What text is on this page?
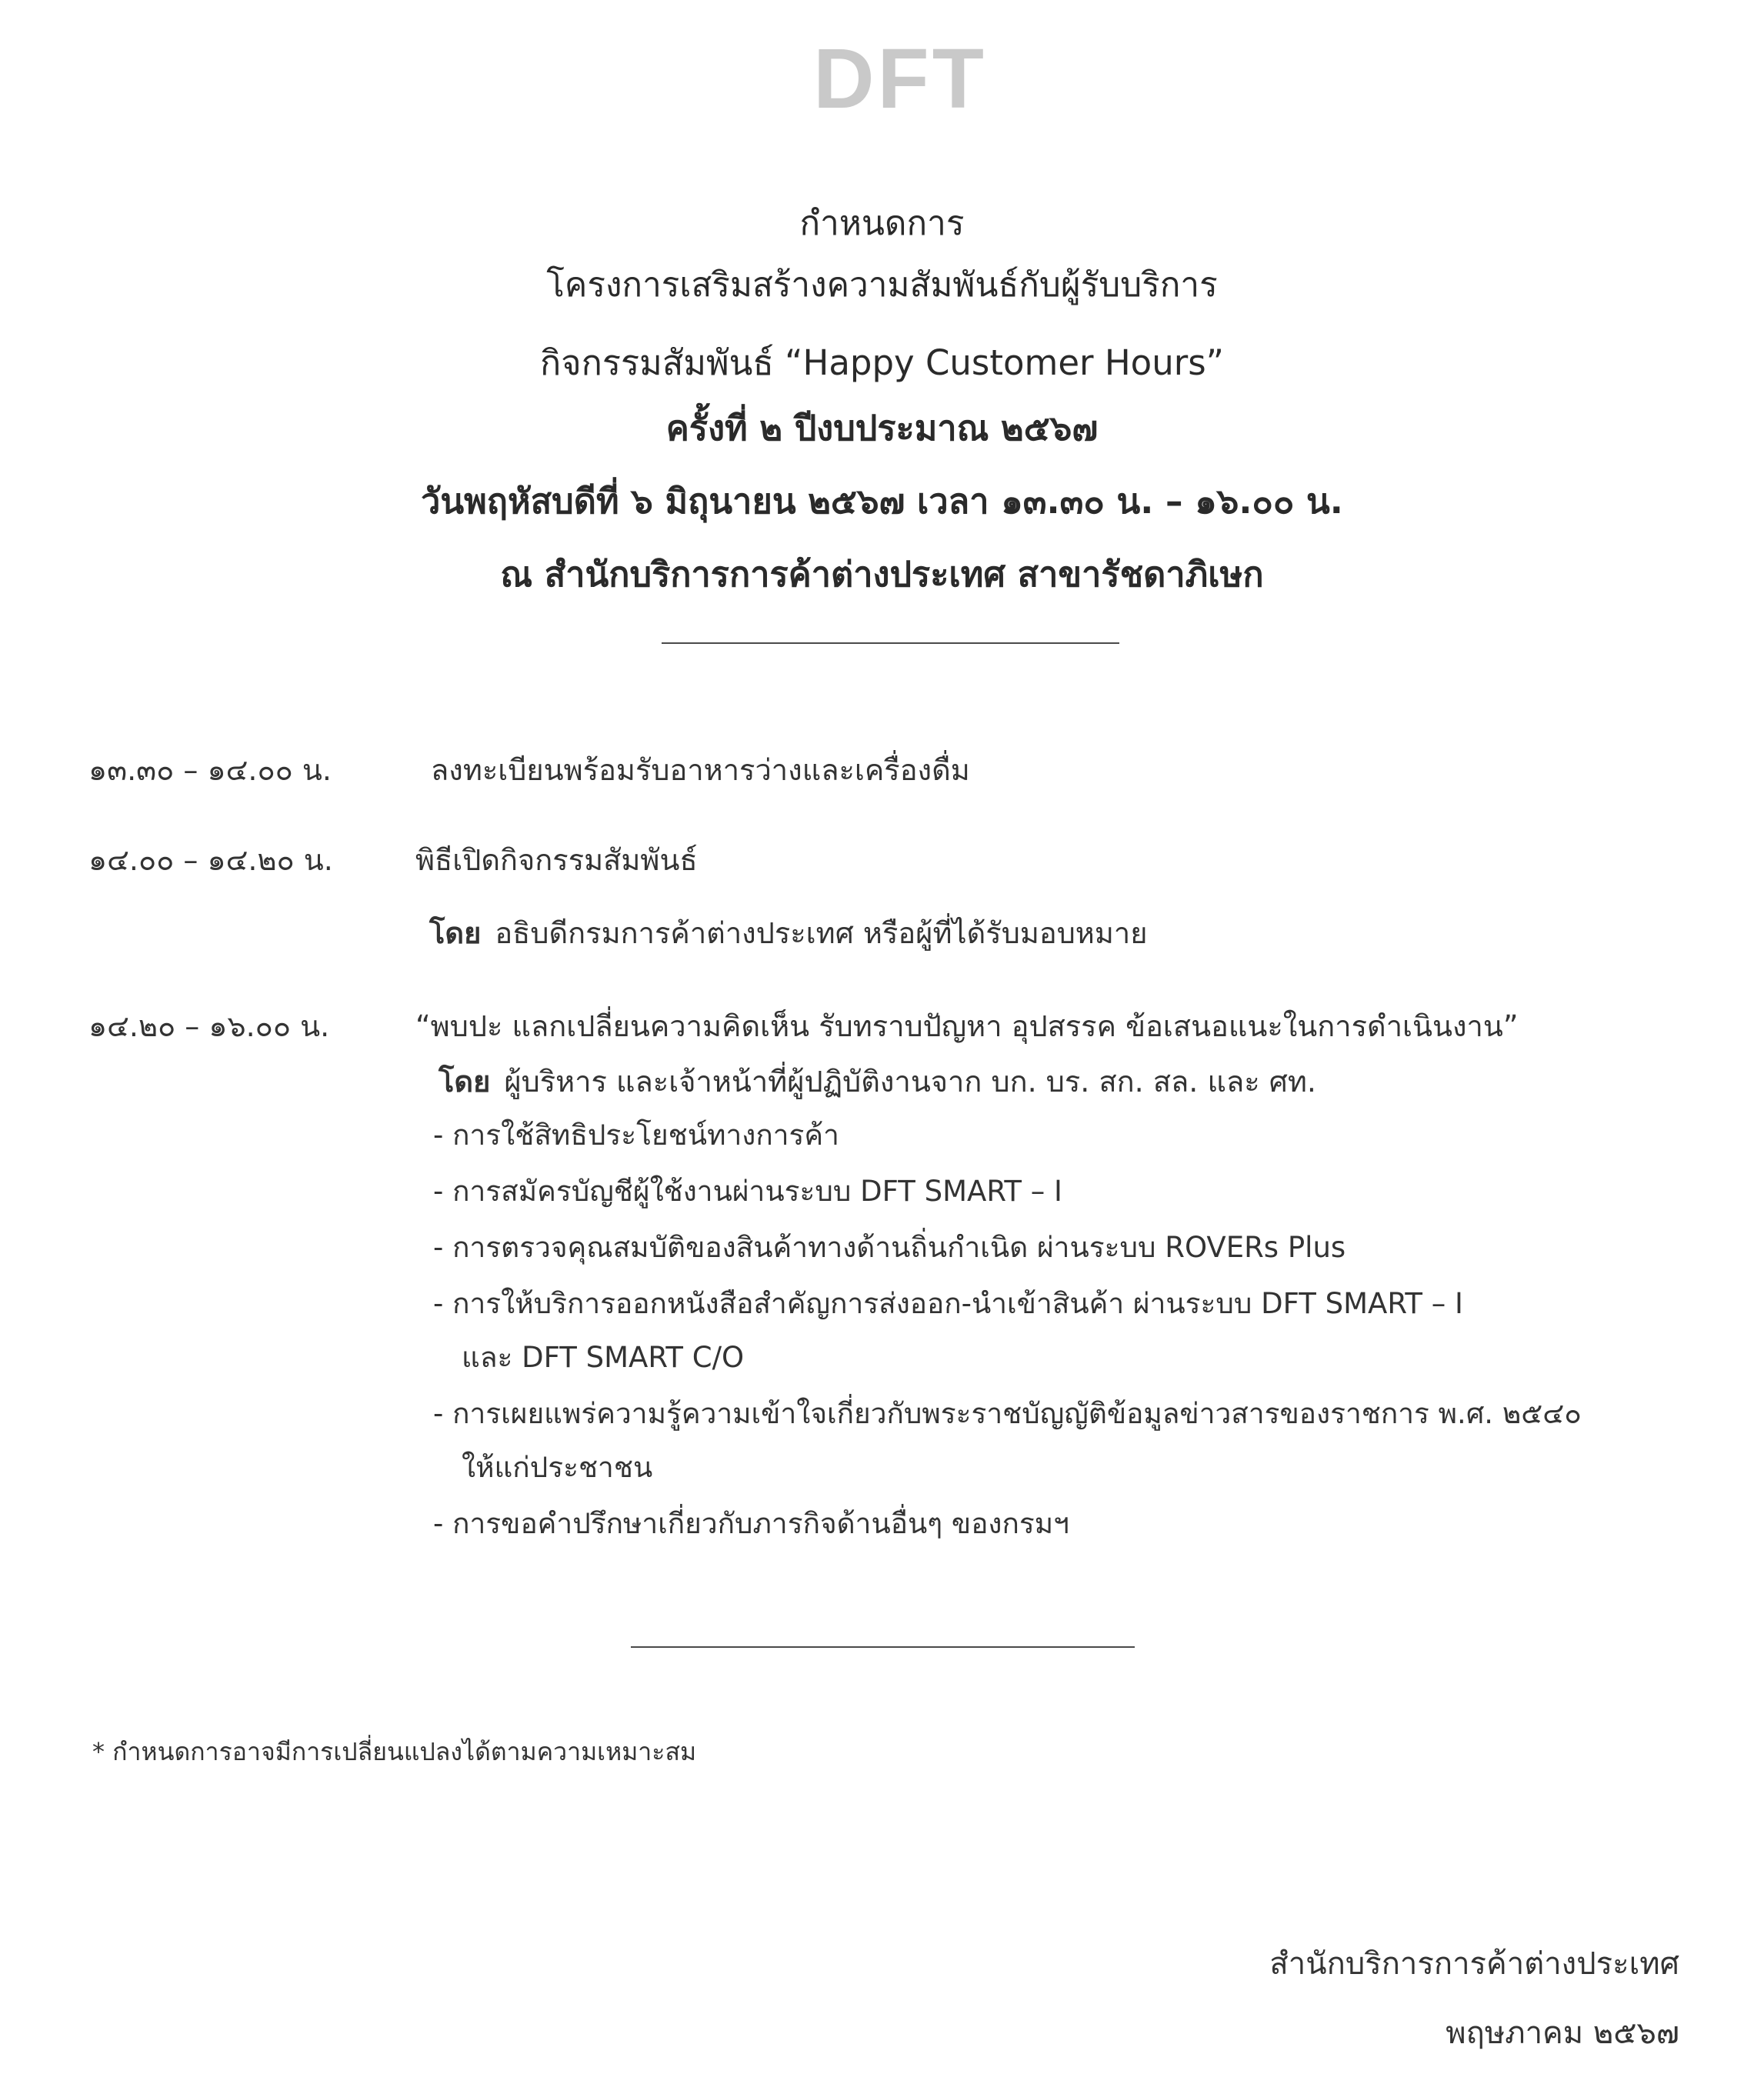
DFT
กำหนดการ
โครงการเสริมสร้างความสัมพันธ์กับผู้รับบริการ
กิจกรรมสัมพันธ์ “Happy Customer Hours”
ครั้งที่ ๒ ปีงบประมาณ ๒๕๖๗
วันพฤหัสบดีที่ ๖ มิถุนายน ๒๕๖๗ เวลา ๑๓.๓๐ น. – ๑๖.๐๐ น.
ณ สำนักบริการการค้าต่างประเทศ สาขารัชดาภิเษก
๑๓.๓๐ – ๑๔.๐๐ น.	ลงทะเบียนพร้อมรับอาหารว่างและเครื่องดื่ม
๑๔.๐๐ – ๑๔.๒๐ น.	พิธีเปิดกิจกรรมสัมพันธ์
โดย อธิบดีกรมการค้าต่างประเทศ หรือผู้ที่ได้รับมอบหมาย
๑๔.๒๐ – ๑๖.๐๐ น.	“พบปะ แลกเปลี่ยนความคิดเห็น รับทราบปัญหา อุปสรรค ข้อเสนอแนะในการดำเนินงาน”
โดย ผู้บริหาร และเจ้าหน้าที่ผู้ปฏิบัติงานจาก บก. บร. สก. สล. และ ศท.
- การใช้สิทธิประโยชน์ทางการค้า
- การสมัครบัญชีผู้ใช้งานผ่านระบบ DFT SMART – I
- การตรวจคุณสมบัติของสินค้าทางด้านถิ่นกำเนิด ผ่านระบบ ROVERs Plus
- การให้บริการออกหนังสือสำคัญการส่งออก-นำเข้าสินค้า ผ่านระบบ DFT SMART – I
และ DFT SMART C/O
- การเผยแพร่ความรู้ความเข้าใจเกี่ยวกับพระราชบัญญัติข้อมูลข่าวสารของราชการ พ.ศ. ๒๕๔๐
ให้แก่ประชาชน
- การขอคำปรึกษาเกี่ยวกับภารกิจด้านอื่นๆ ของกรมฯ
* กำหนดการอาจมีการเปลี่ยนแปลงได้ตามความเหมาะสม
สำนักบริการการค้าต่างประเทศ
พฤษภาคม ๒๕๖๗
